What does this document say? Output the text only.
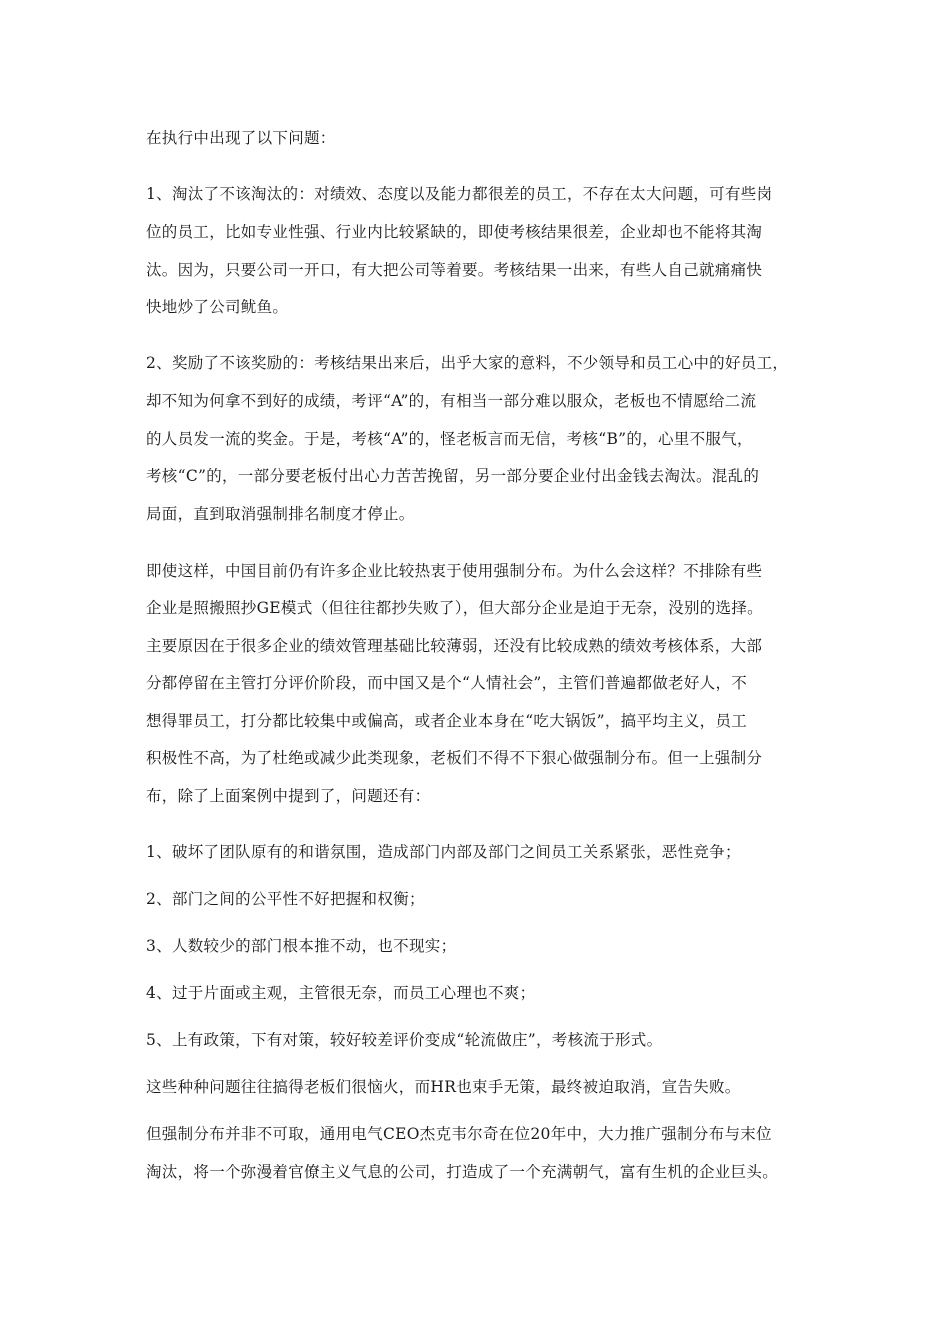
在执行中出现了以下问题：
1、淘汰了不该淘汰的：对绩效、态度以及能力都很差的员工，不存在太大问题，可有些岗
位的员工，比如专业性强、行业内比较紧缺的，即使考核结果很差，企业却也不能将其淘
汰。因为，只要公司一开口，有大把公司等着要。考核结果一出来，有些人自己就痛痛快
快地炒了公司鱿鱼。
2、奖励了不该奖励的：考核结果出来后，出乎大家的意料，不少领导和员工心中的好员工，
却不知为何拿不到好的成绩，考评“A”的，有相当一部分难以服众，老板也不情愿给二流
的人员发一流的奖金。于是，考核“A”的，怪老板言而无信，考核“B”的，心里不服气，
考核“C”的，一部分要老板付出心力苦苦挽留，另一部分要企业付出金钱去淘汰。混乱的
局面，直到取消强制排名制度才停止。
即使这样，中国目前仍有许多企业比较热衷于使用强制分布。为什么会这样？不排除有些
企业是照搬照抄GE模式（但往往都抄失败了），但大部分企业是迫于无奈，没别的选择。
主要原因在于很多企业的绩效管理基础比较薄弱，还没有比较成熟的绩效考核体系，大部
分都停留在主管打分评价阶段，而中国又是个“人情社会”，主管们普遍都做老好人，不
想得罪员工，打分都比较集中或偏高，或者企业本身在“吃大锅饭”，搞平均主义，员工
积极性不高，为了杜绝或减少此类现象，老板们不得不下狠心做强制分布。但一上强制分
布，除了上面案例中提到了，问题还有：
1、破坏了团队原有的和谐氛围，造成部门内部及部门之间员工关系紧张，恶性竞争；
2、部门之间的公平性不好把握和权衡；
3、人数较少的部门根本推不动，也不现实；
4、过于片面或主观，主管很无奈，而员工心理也不爽；
5、上有政策，下有对策，较好较差评价变成“轮流做庄”，考核流于形式。
这些种种问题往往搞得老板们很恼火，而HR也束手无策，最终被迫取消，宣告失败。
但强制分布并非不可取，通用电气CEO杰克韦尔奇在位20年中，大力推广强制分布与末位
淘汰，将一个弥漫着官僚主义气息的公司，打造成了一个充满朝气，富有生机的企业巨头。
